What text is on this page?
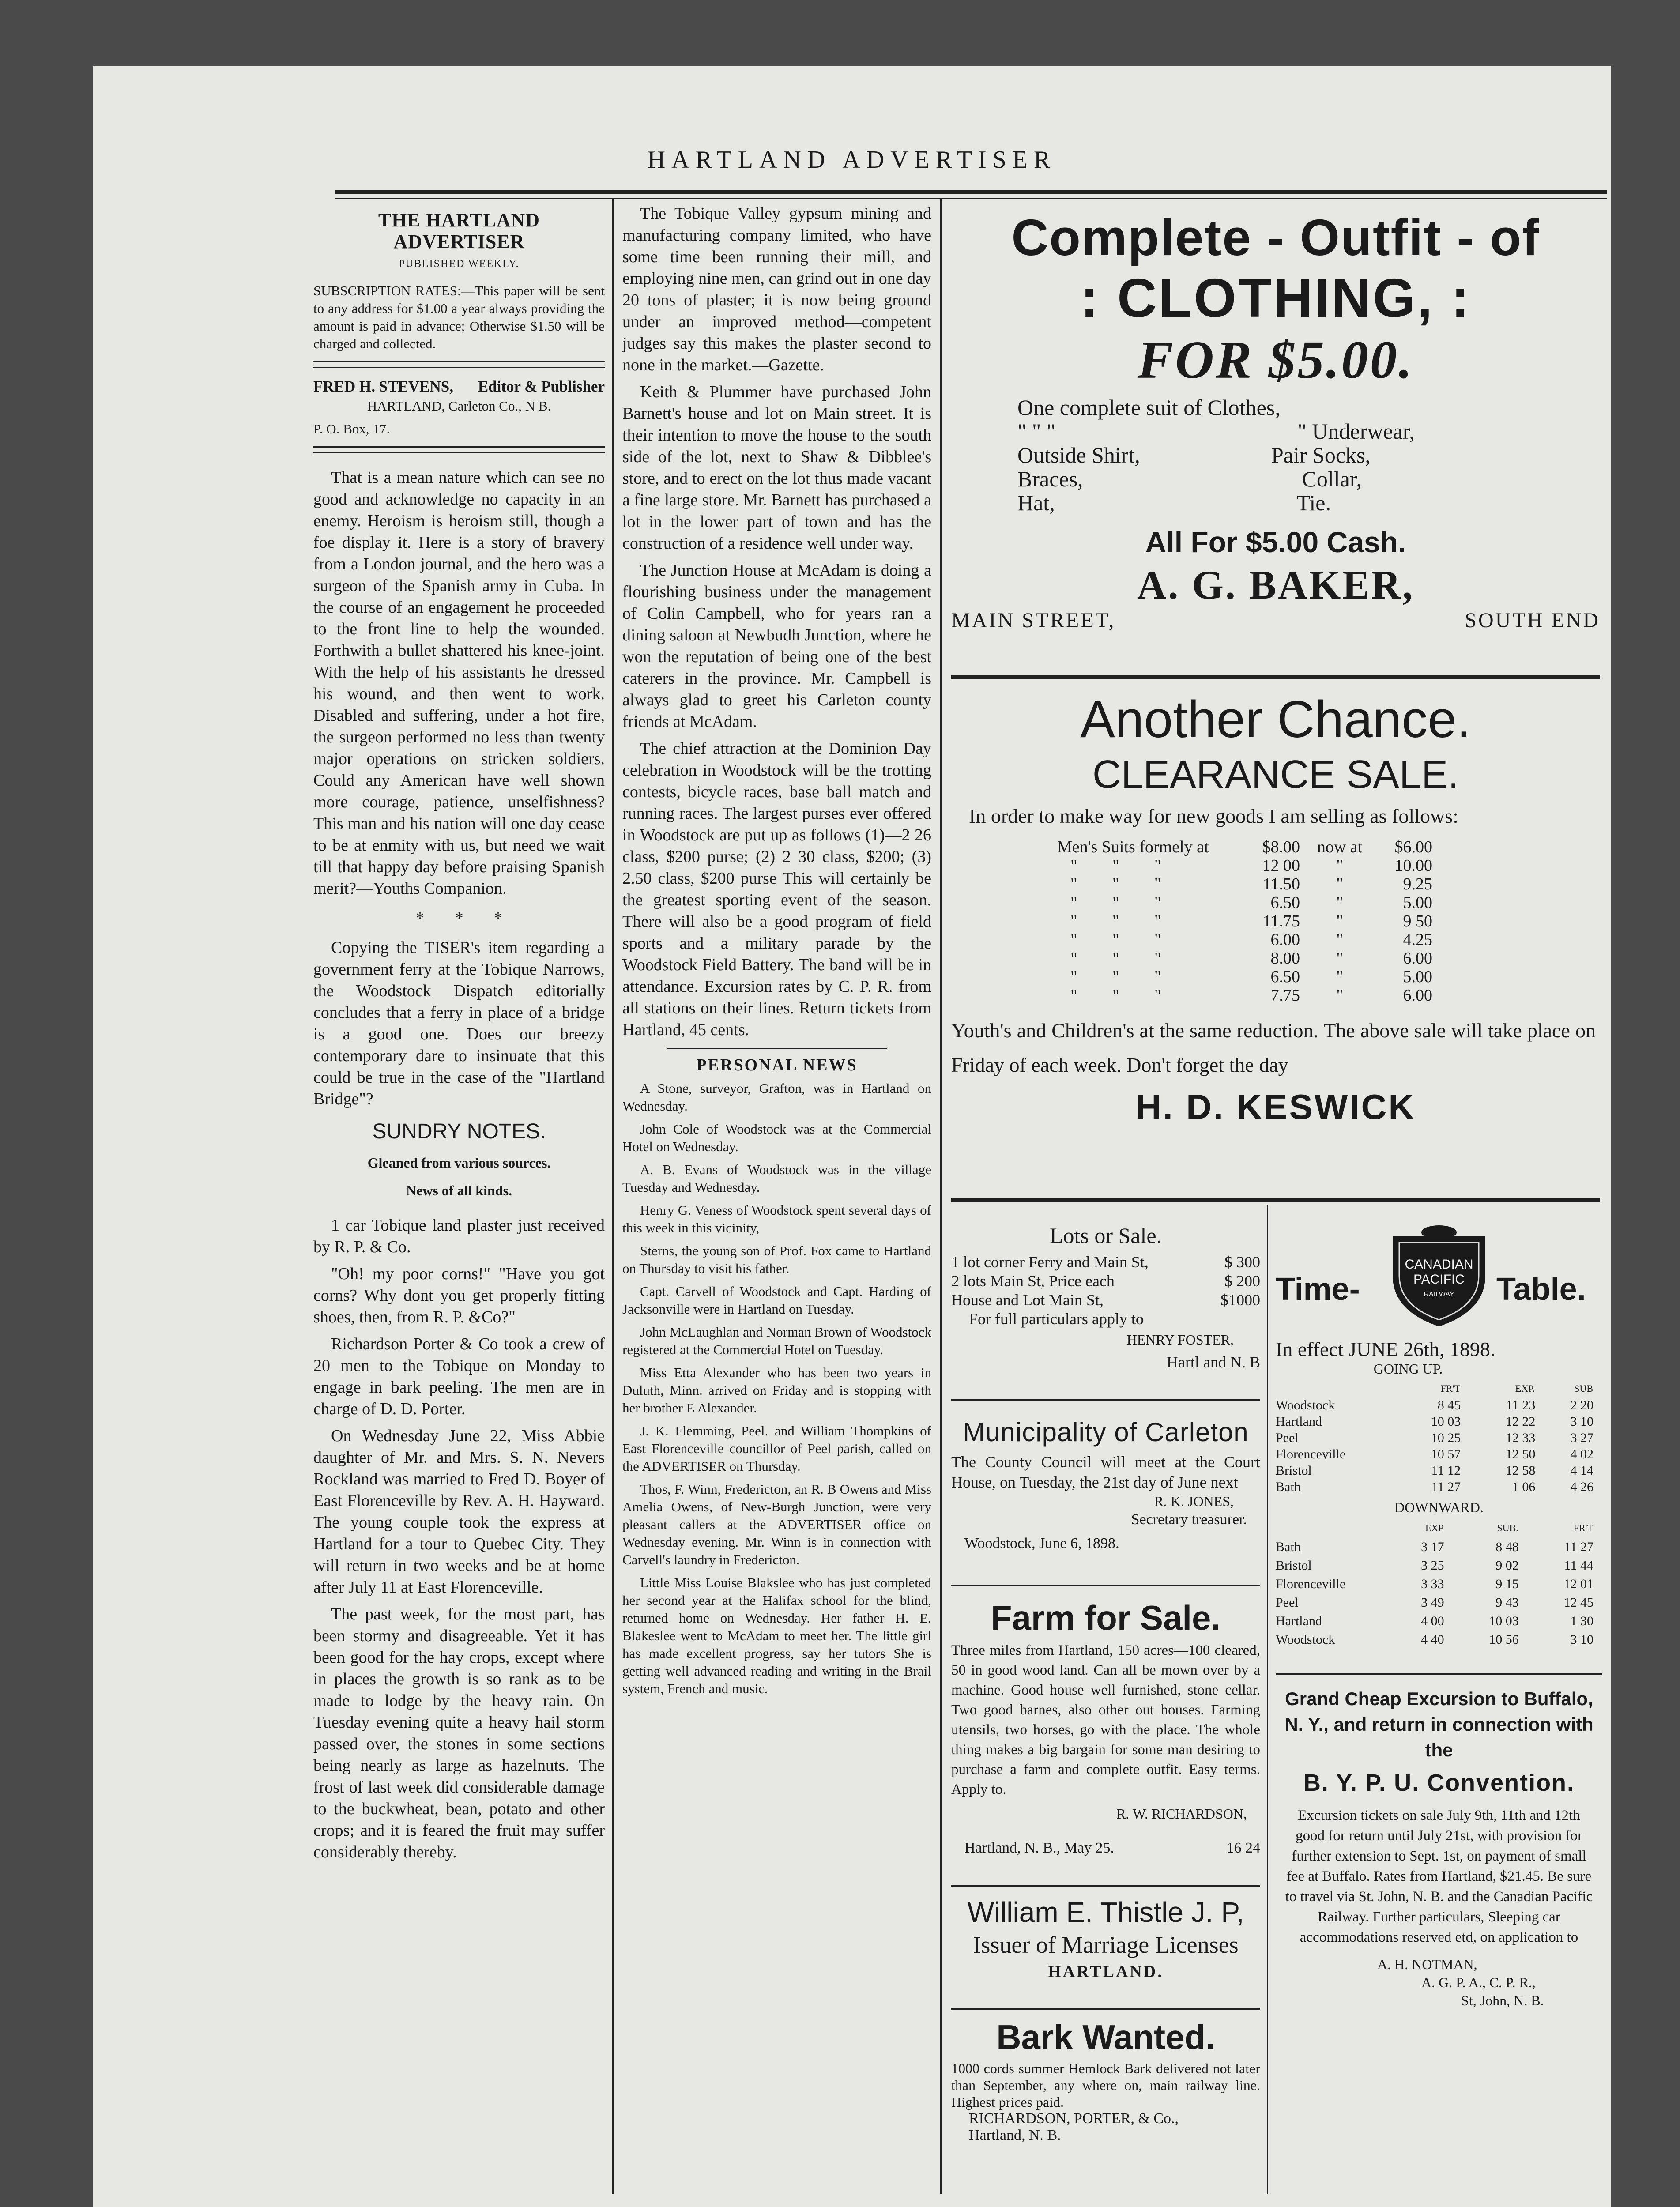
HARTLAND ADVERTISER
THE HARTLAND ADVERTISER
PUBLISHED WEEKLY.

SUBSCRIPTION RATES:—This paper will be sent to any address for $1.00 a year always providing the amount is paid in advance; Otherwise $1.50 will be charged and collected.

FRED H. STEVENS, Editor & Publisher
HARTLAND, Carleton Co., N B.
P. O. Box, 17.

That is a mean nature which can see no good and acknowledge no capacity in an enemy. Heroism is heroism still, though a foe display it. Here is a story of bravery from a London journal, and the hero was a surgeon of the Spanish army in Cuba. In the course of an engagement he proceeded to the front line to help the wounded. Forthwith a bullet shattered his knee-joint. With the help of his assistants he dressed his wound, and then went to work. Disabled and suffering, under a hot fire, the surgeon performed no less than twenty major operations on stricken soldiers. Could any American have well shown more courage, patience, unselfishness? This man and his nation will one day cease to be at enmity with us, but need we wait till that happy day before praising Spanish merit?—Youths Companion.

* * *

Copying the TISER's item regarding a government ferry at the Tobique Narrows, the Woodstock Dispatch editorially concludes that a ferry in place of a bridge is a good one. Does our breezy contemporary dare to insinuate that this could be true in the case of the "Hartland Bridge"?

SUNDRY NOTES.
Gleaned from various sources.
News of all kinds.

1 car Tobique land plaster just received by R. P. & Co.

"Oh! my poor corns!" "Have you got corns? Why dont you get properly fitting shoes, then, from R. P. &Co?"

Richardson Porter & Co took a crew of 20 men to the Tobique on Monday to engage in bark peeling. The men are in charge of D. D. Porter.

On Wednesday June 22, Miss Abbie daughter of Mr. and Mrs. S. N. Nevers Rockland was married to Fred D. Boyer of East Florenceville by Rev. A. H. Hayward. The young couple took the express at Hartland for a tour to Quebec City. They will return in two weeks and be at home after July 11 at East Florenceville.

The past week, for the most part, has been stormy and disagreeable. Yet it has been good for the hay crops, except where in places the growth is so rank as to be made to lodge by the heavy rain. On Tuesday evening quite a heavy hail storm passed over, the stones in some sections being nearly as large as hazelnuts. The frost of last week did considerable damage to the buckwheat, bean, potato and other crops; and it is feared the fruit may suffer considerably thereby.

The Tobique Valley gypsum mining and manufacturing company limited, who have some time been running their mill, and employing nine men, can grind out in one day 20 tons of plaster; it is now being ground under an improved method—competent judges say this makes the plaster second to none in the market.—Gazette.

Keith & Plummer have purchased John Barnett's house and lot on Main street. It is their intention to move the house to the south side of the lot, next to Shaw & Dibblee's store, and to erect on the lot thus made vacant a fine large store. Mr. Barnett has purchased a lot in the lower part of town and has the construction of a residence well under way.

The Junction House at McAdam is doing a flourishing business under the management of Colin Campbell, who for years ran a dining saloon at Newbudh Junction, where he won the reputation of being one of the best caterers in the province. Mr. Campbell is always glad to greet his Carleton county friends at McAdam.

The chief attraction at the Dominion Day celebration in Woodstock will be the trotting contests, bicycle races, base ball match and running races. The largest purses ever offered in Woodstock are put up as follows (1)—2 26 class, $200 purse; (2) 2 30 class, $200; (3) 2.50 class, $200 purse This will certainly be the greatest sporting event of the season. There will also be a good program of field sports and a military parade by the Woodstock Field Battery. The band will be in attendance. Excursion rates by C. P. R. from all stations on their lines. Return tickets from Hartland, 45 cents.

PERSONAL NEWS

A Stone, surveyor, Grafton, was in Hartland on Wednesday.

John Cole of Woodstock was at the Commercial Hotel on Wednesday.

A. B. Evans of Woodstock was in the village Tuesday and Wednesday.

Henry G. Veness of Woodstock spent several days of this week in this vicinity,

Sterns, the young son of Prof. Fox came to Hartland on Thursday to visit his father.

Capt. Carvell of Woodstock and Capt. Harding of Jacksonville were in Hartland on Tuesday.

John McLaughlan and Norman Brown of Woodstock registered at the Commercial Hotel on Tuesday.

Miss Etta Alexander who has been two years in Duluth, Minn. arrived on Friday and is stopping with her brother E Alexander.

J. K. Flemming, Peel. and William Thompkins of East Florenceville councillor of Peel parish, called on the ADVERTISER on Thursday.

Thos, F. Winn, Fredericton, an R. B Owens and Miss Amelia Owens, of New-Burgh Junction, were very pleasant callers at the ADVERTISER office on Wednesday evening. Mr. Winn is in connection with Carvell's laundry in Fredericton.

Little Miss Louise Blakslee who has just completed her second year at the Halifax school for the blind, returned home on Wednesday. Her father H. E. Blakeslee went to McAdam to meet her. The little girl has made excellent progress, say her tutors She is getting well advanced reading and writing in the Brail system, French and music.

Complete - Outfit - of
: CLOTHING, :
FOR $5.00.
One complete suit of Clothes,
" " "	" Underwear,
Outside Shirt,	Pair Socks,
Braces,	Collar,
Hat,	Tie.
All For $5.00 Cash.
A. G. BAKER,
MAIN STREET,	SOUTH END
Another Chance.
CLEARANCE SALE.

In order to make way for new goods I am selling as follows:

Men's Suits formely at	$8.00	now at	$6.00
" " "	12 00	"	10.00
" " "	11.50	"	9.25
" " "	6.50	"	5.00
" " "	11.75	"	9 50
" " "	6.00	"	4.25
" " "	8.00	"	6.00
" " "	6.50	"	5.00
" " "	7.75	"	6.00

Youth's and Children's at the same reduction. The above sale will take place on Friday of each week. Don't forget the day

H. D. KESWICK
Lots or Sale.
1 lot corner Ferry and Main St,	$ 300
2 lots Main St, Price each	$ 200
House and Lot Main St,	$1000
For full particulars apply to
HENRY FOSTER,
Hartl and N. B
Municipality of Carleton

The County Council will meet at the Court House, on Tuesday, the 21st day of June next

R. K. JONES,
Secretary treasurer.
Woodstock, June 6, 1898.
Farm for Sale.

Three miles from Hartland, 150 acres—100 cleared, 50 in good wood land. Can all be mown over by a machine. Good house well furnished, stone cellar. Two good barnes, also other out houses. Farming utensils, two horses, go with the place. The whole thing makes a big bargain for some man desiring to purchase a farm and complete outfit. Easy terms. Apply to.

R. W. RICHARDSON,
Hartland, N. B., May 25.	16 24
William E. Thistle J. P,
Issuer of Marriage Licenses
HARTLAND.
Bark Wanted.

1000 cords summer Hemlock Bark delivered not later than September, any where on, main railway line. Highest prices paid.

RICHARDSON, PORTER, & Co.,
Hartland, N. B.
Time-	Table.
CANADIAN
PACIFIC
RAILWAY
In effect JUNE 26th, 1898.
GOING UP.
	FR'T	EXP.	SUB
Woodstock	8 45	11 23	2 20
Hartland	10 03	12 22	3 10
Peel	10 25	12 33	3 27
Florenceville	10 57	12 50	4 02
Bristol	11 12	12 58	4 14
Bath	11 27	1 06	4 26
DOWNWARD.
	EXP	SUB.	FR'T
Bath	3 17	8 48	11 27
Bristol	3 25	9 02	11 44
Florenceville	3 33	9 15	12 01
Peel	3 49	9 43	12 45
Hartland	4 00	10 03	1 30
Woodstock	4 40	10 56	3 10
Grand Cheap Excursion to Buffalo, N. Y., and return in connection with the
B. Y. P. U. Convention.

Excursion tickets on sale July 9th, 11th and 12th good for return until July 21st, with provision for further extension to Sept. 1st, on payment of small fee at Buffalo. Rates from Hartland, $21.45. Be sure to travel via St. John, N. B. and the Canadian Pacific Railway. Further particulars, Sleeping car accommodations reserved etd, on application to

A. H. NOTMAN,
A. G. P. A., C. P. R.,
St, John, N. B.
